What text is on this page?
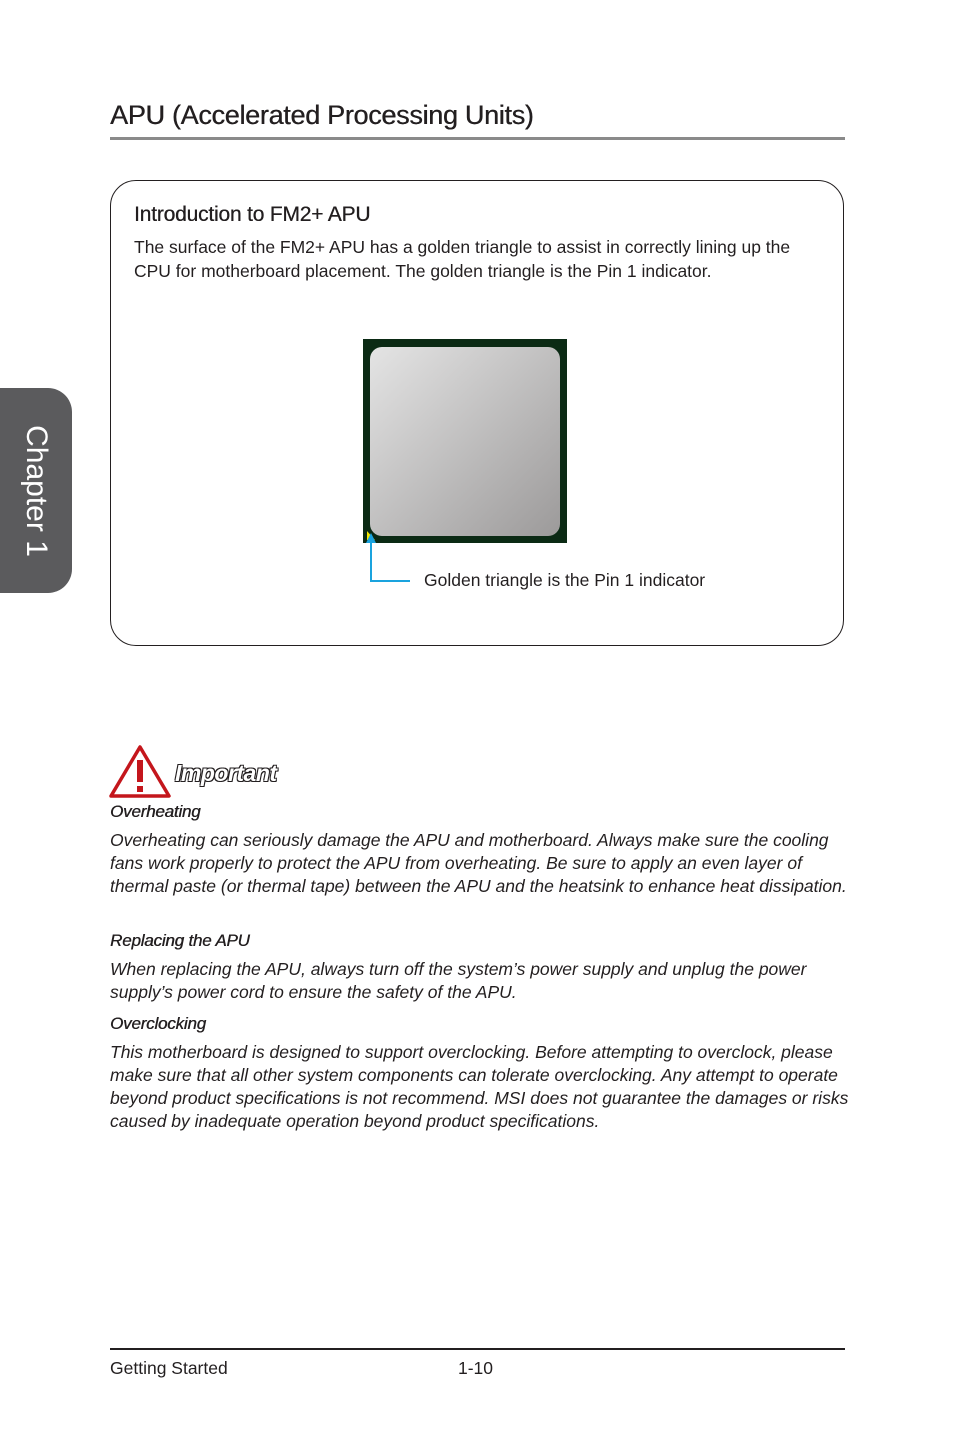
Chapter 1
APU (Accelerated Processing Units)
Introduction to FM2+ APU

The surface of the FM2+ APU has a golden triangle to assist in correctly lining up the CPU for motherboard placement. The golden triangle is the Pin 1 indicator.

Golden triangle is the Pin 1 indicator
Important
Overheating

Overheating can seriously damage the APU and motherboard. Always make sure the cooling fans work properly to protect the APU from overheating. Be sure to apply an even layer of thermal paste (or thermal tape) between the APU and the heatsink to enhance heat dissipation.

Replacing the APU

When replacing the APU, always turn off the system’s power supply and unplug the power supply’s power cord to ensure the safety of the APU.

Overclocking

This motherboard is designed to support overclocking. Before attempting to overclock, please make sure that all other system components can tolerate overclocking. Any attempt to operate beyond product specifications is not recommend. MSI does not guarantee the damages or risks caused by inadequate operation beyond product specifications.

Getting Started	1-10
